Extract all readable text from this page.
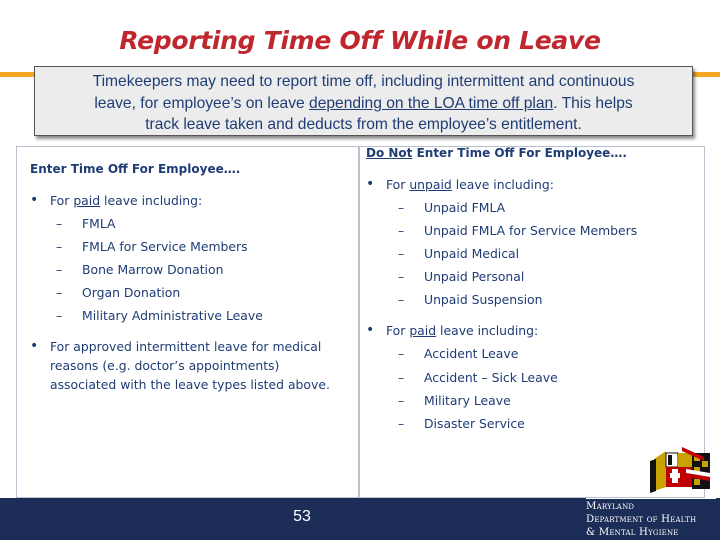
Reporting Time Off While on Leave
Timekeepers may need to report time off, including intermittent and continuous
leave, for employee’s on leave depending on the LOA time off plan. This helps
track leave taken and deducts from the employee’s entitlement.
Enter Time Off For Employee….
• For paid leave including:
– FMLA
– FMLA for Service Members
– Bone Marrow Donation
– Organ Donation
– Military Administrative Leave
• For approved intermittent leave for medical
reasons (e.g. doctor’s appointments)
associated with the leave types listed above.
Do Not Enter Time Off For Employee….
• For unpaid leave including:
– Unpaid FMLA
– Unpaid FMLA for Service Members
– Unpaid Medical
– Unpaid Personal
– Unpaid Suspension
• For paid leave including:
– Accident Leave
– Accident – Sick Leave
– Military Leave
– Disaster Service
53
Maryland
Department of Health
& Mental Hygiene
